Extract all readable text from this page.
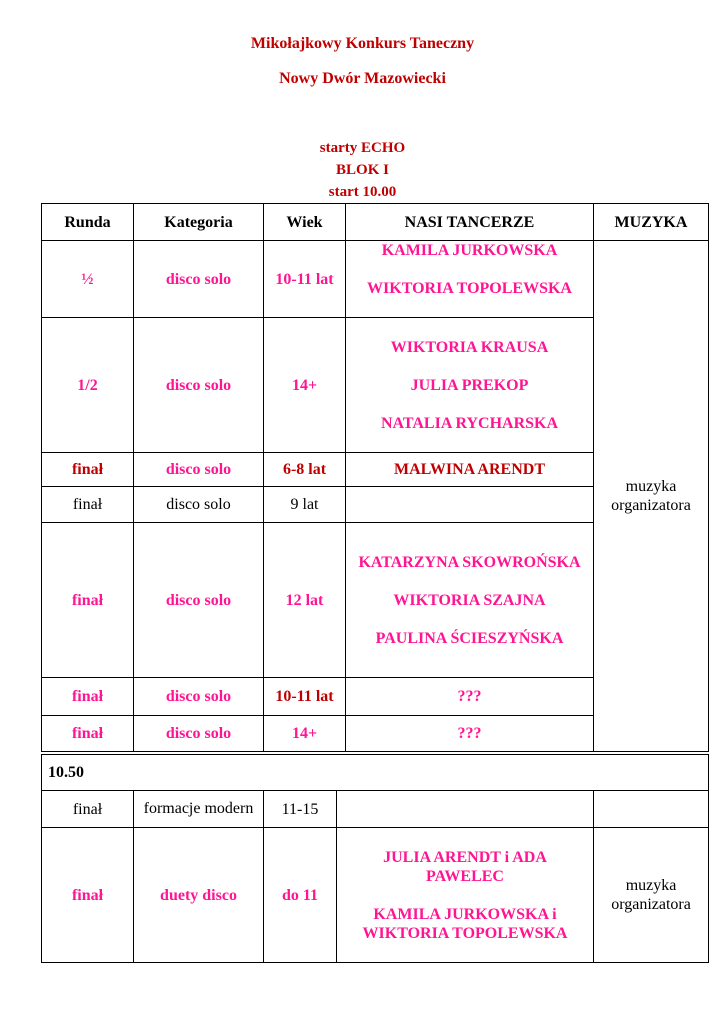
Mikołajkowy Konkurs Taneczny
Nowy Dwór Mazowiecki
starty ECHO
BLOK I
start 10.00
Runda	Kategoria	Wiek	NASI TANCERZE	MUZYKA
½	disco solo	10-11 lat	KAMILA JURKOWSKA
WIKTORIA TOPOLEWSKA	muzyka organizatora
1/2	disco solo	14+	WIKTORIA KRAUSA
JULIA PREKOP
NATALIA RYCHARSKA	

finał	disco solo	6-8 lat	MALWINA ARENDT	

finał	disco solo	9 lat		
finał	disco solo	12 lat	KATARZYNA SKOWROŃSKA
WIKTORIA SZAJNA
PAULINA ŚCIESZYŃSKA	

finał	disco solo	10-11 lat	???	

finał	disco solo	14+	???	
10.50				
finał	formacje modern	11-15		
finał	duety disco	do 11	JULIA ARENDT i ADA PAWELEC
KAMILA JURKOWSKA i WIKTORIA TOPOLEWSKA	muzyka organizatora
